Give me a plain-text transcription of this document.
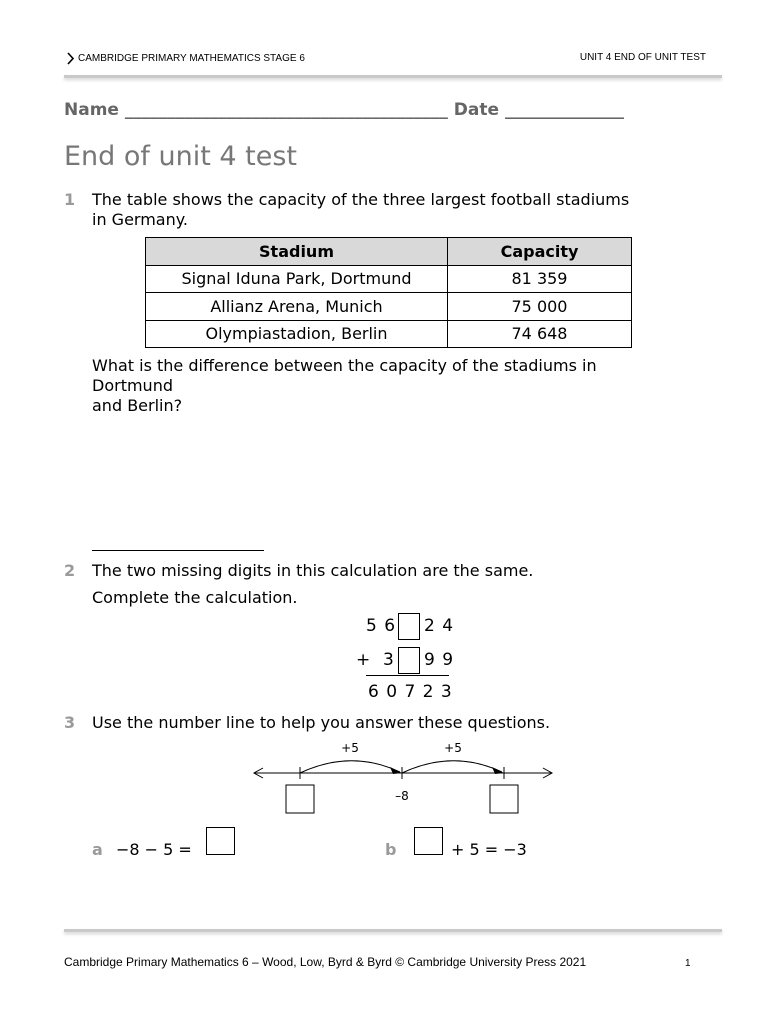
CAMBRIDGE PRIMARY MATHEMATICS STAGE 6	UNIT 4 END OF UNIT TEST
Name ______________________________________ Date ______________
End of unit 4 test
1 The table shows the capacity of the three largest football stadiums
in Germany.
Stadium	Capacity
Signal Iduna Park, Dortmund	81 359
Allianz Arena, Munich	75 000
Olympiastadion, Berlin	74 648
What is the difference between the capacity of the stadiums in
Dortmund
and Berlin?
2 The two missing digits in this calculation are the same.
Complete the calculation.
5 6 2 4
+ 3 9 9
6 0 7 2 3
3 Use the number line to help you answer these questions.
+5	+5
–8
a −8 − 5 =	b	+ 5 = −3
Cambridge Primary Mathematics 6 – Wood, Low, Byrd & Byrd © Cambridge University Press 2021	1
